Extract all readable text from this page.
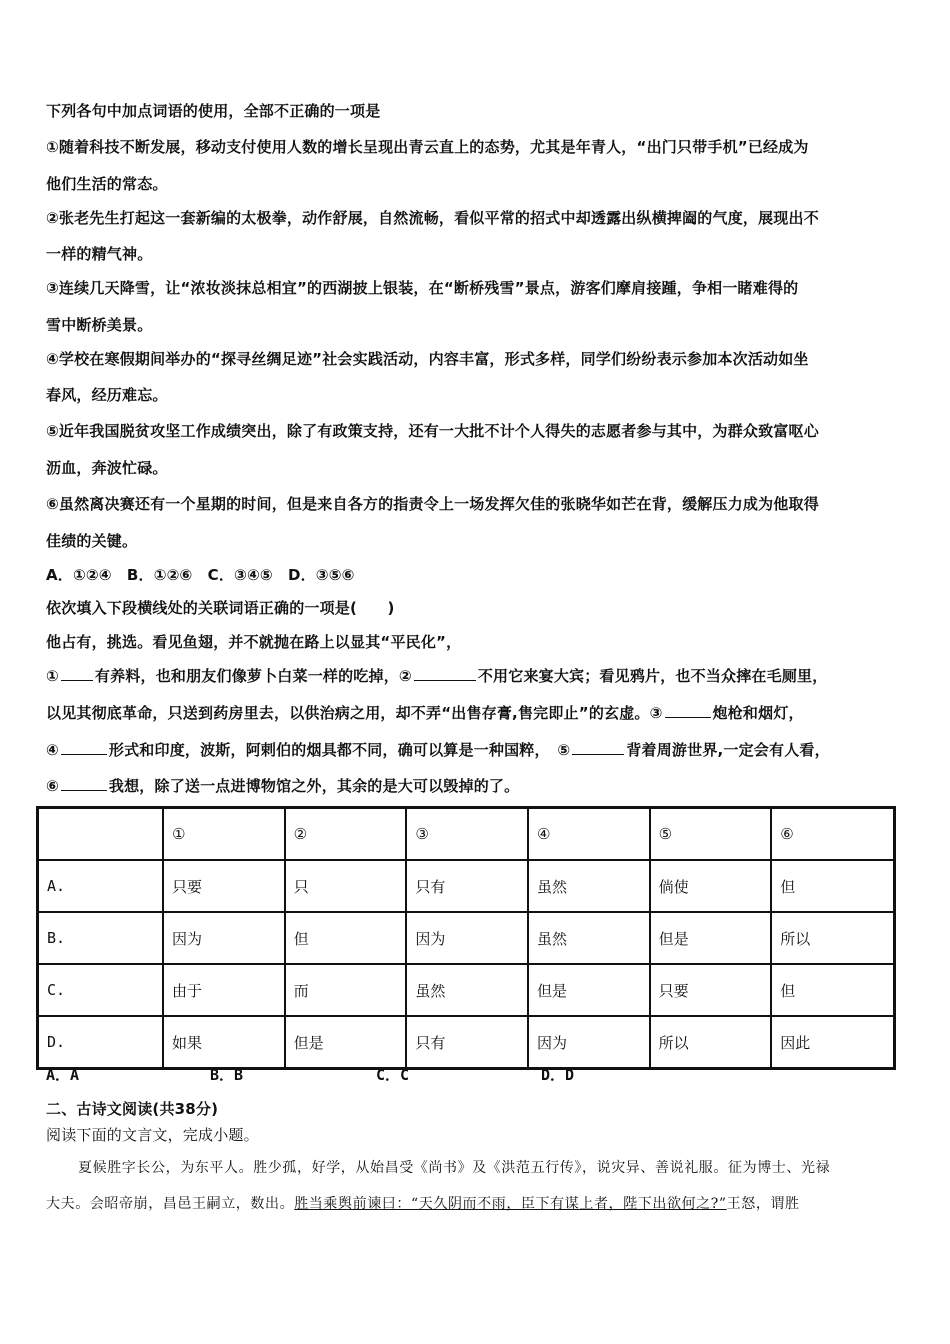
下列各句中加点词语的使用，全部不正确的一项是
①随着科技不断发展，移动支付使用人数的增长呈现出青云直上的态势，尤其是年青人，“出门只带手机”已经成为
他们生活的常态。
②张老先生打起这一套新编的太极拳，动作舒展，自然流畅，看似平常的招式中却透露出纵横捭阖的气度，展现出不
一样的精气神。
③连续几天降雪，让“浓妆淡抹总相宜”的西湖披上银装，在“断桥残雪”景点，游客们摩肩接踵，争相一睹难得的
雪中断桥美景。
④学校在寒假期间举办的“探寻丝绸足迹”社会实践活动，内容丰富，形式多样，同学们纷纷表示参加本次活动如坐
春风，经历难忘。
⑤近年我国脱贫攻坚工作成绩突出，除了有政策支持，还有一大批不计个人得失的志愿者参与其中，为群众致富呕心
沥血，奔波忙碌。
⑥虽然离决赛还有一个星期的时间，但是来自各方的指责令上一场发挥欠佳的张晓华如芒在背，缓解压力成为他取得
佳绩的关键。
A．①②④　B．①②⑥　C．③④⑤　D．③⑤⑥
依次填入下段横线处的关联词语正确的一项是(　　)
他占有，挑选。看见鱼翅，并不就抛在路上以显其“平民化”，
① 有养料，也和朋友们像萝卜白菜一样的吃掉，②	不用它来宴大宾；看见鸦片，也不当众摔在毛厕里，
以见其彻底革命，只送到药房里去，以供治病之用，却不弄“出售存膏,售完即止”的玄虚。③	炮枪和烟灯，
④	形式和印度，波斯，阿剌伯的烟具都不同，确可以算是一种国粹，　⑤	背着周游世界,一定会有人看，
⑥	我想，除了送一点进博物馆之外，其余的是大可以毁掉的了。
	①	②	③	④	⑤	⑥
A.	只要	只	只有	虽然	倘使	但
B.	因为	但	因为	虽然	但是	所以
C.	由于	而	虽然	但是	只要	但
D.	如果	但是	只有	因为	所以	因此
A．A	B．B	C．C	D．D
二、古诗文阅读(共38分)
阅读下面的文言文，完成小题。
夏候胜字长公，为东平人。胜少孤，好学，从始昌受《尚书》及《洪范五行传》，说灾异、善说礼服。征为博士、光禄
大夫。会昭帝崩，昌邑王嗣立，数出。胜当乘舆前谏曰：“天久阴而不雨，臣下有谋上者，陛下出欲何之?”王怒，谓胜
